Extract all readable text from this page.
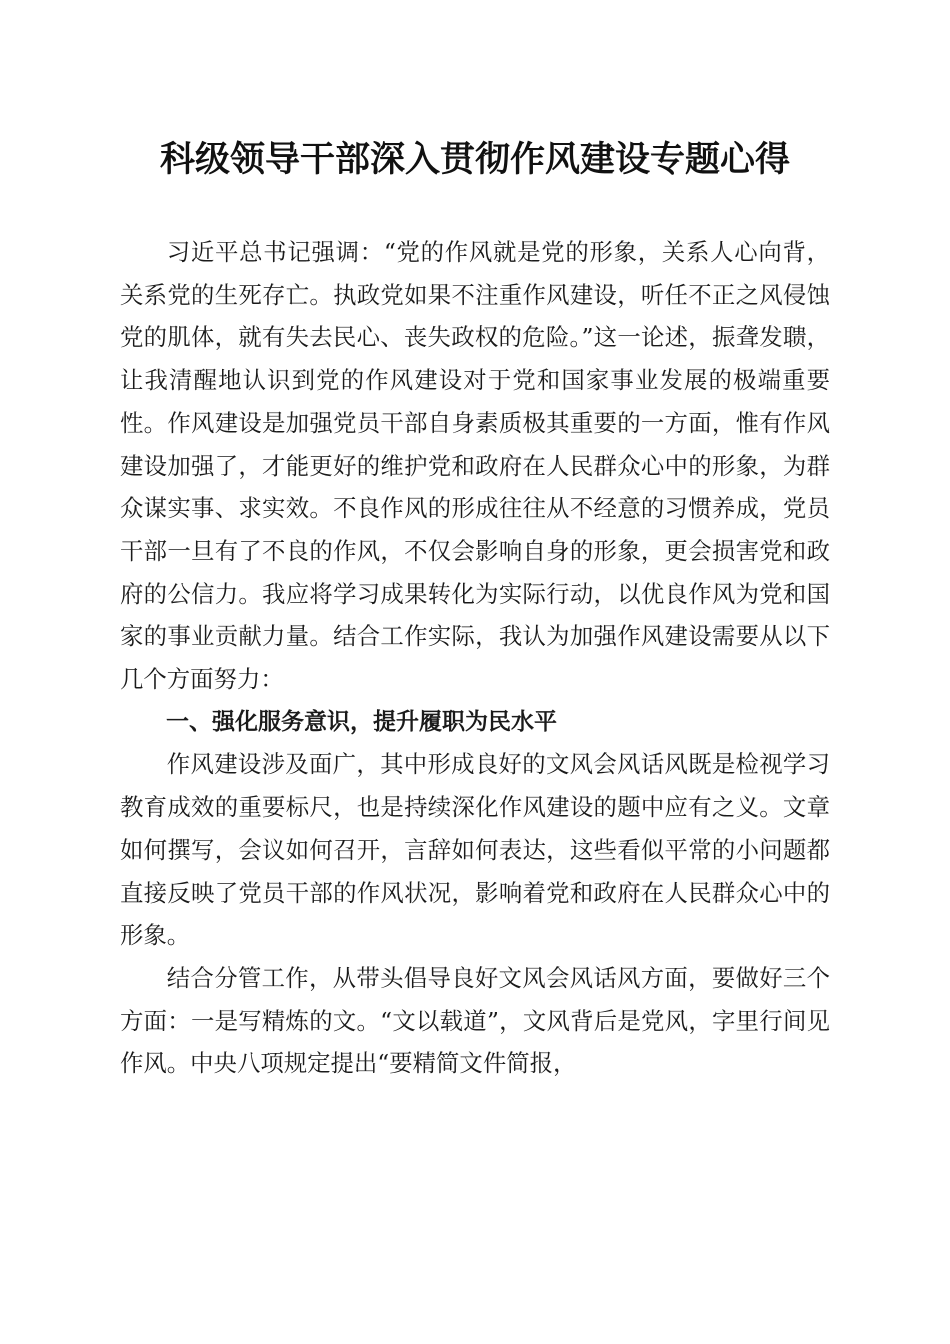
科级领导干部深入贯彻作风建设专题心得

习近平总书记强调：“党的作风就是党的形象，关系人心向背，关系党的生死存亡。执政党如果不注重作风建设，听任不正之风侵蚀党的肌体，就有失去民心、丧失政权的危险。”这一论述，振聋发聩，让我清醒地认识到党的作风建设对于党和国家事业发展的极端重要性。作风建设是加强党员干部自身素质极其重要的一方面，惟有作风建设加强了，才能更好的维护党和政府在人民群众心中的形象，为群众谋实事、求实效。不良作风的形成往往从不经意的习惯养成，党员干部一旦有了不良的作风，不仅会影响自身的形象，更会损害党和政府的公信力。我应将学习成果转化为实际行动，以优良作风为党和国家的事业贡献力量。结合工作实际，我认为加强作风建设需要从以下几个方面努力：

一、强化服务意识，提升履职为民水平

作风建设涉及面广，其中形成良好的文风会风话风既是检视学习教育成效的重要标尺，也是持续深化作风建设的题中应有之义。文章如何撰写，会议如何召开，言辞如何表达，这些看似平常的小问题都直接反映了党员干部的作风状况，影响着党和政府在人民群众心中的形象。

结合分管工作，从带头倡导良好文风会风话风方面，要做好三个方面：一是写精炼的文。“文以载道”，文风背后是党风，字里行间见作风。中央八项规定提出“要精简文件简报，
